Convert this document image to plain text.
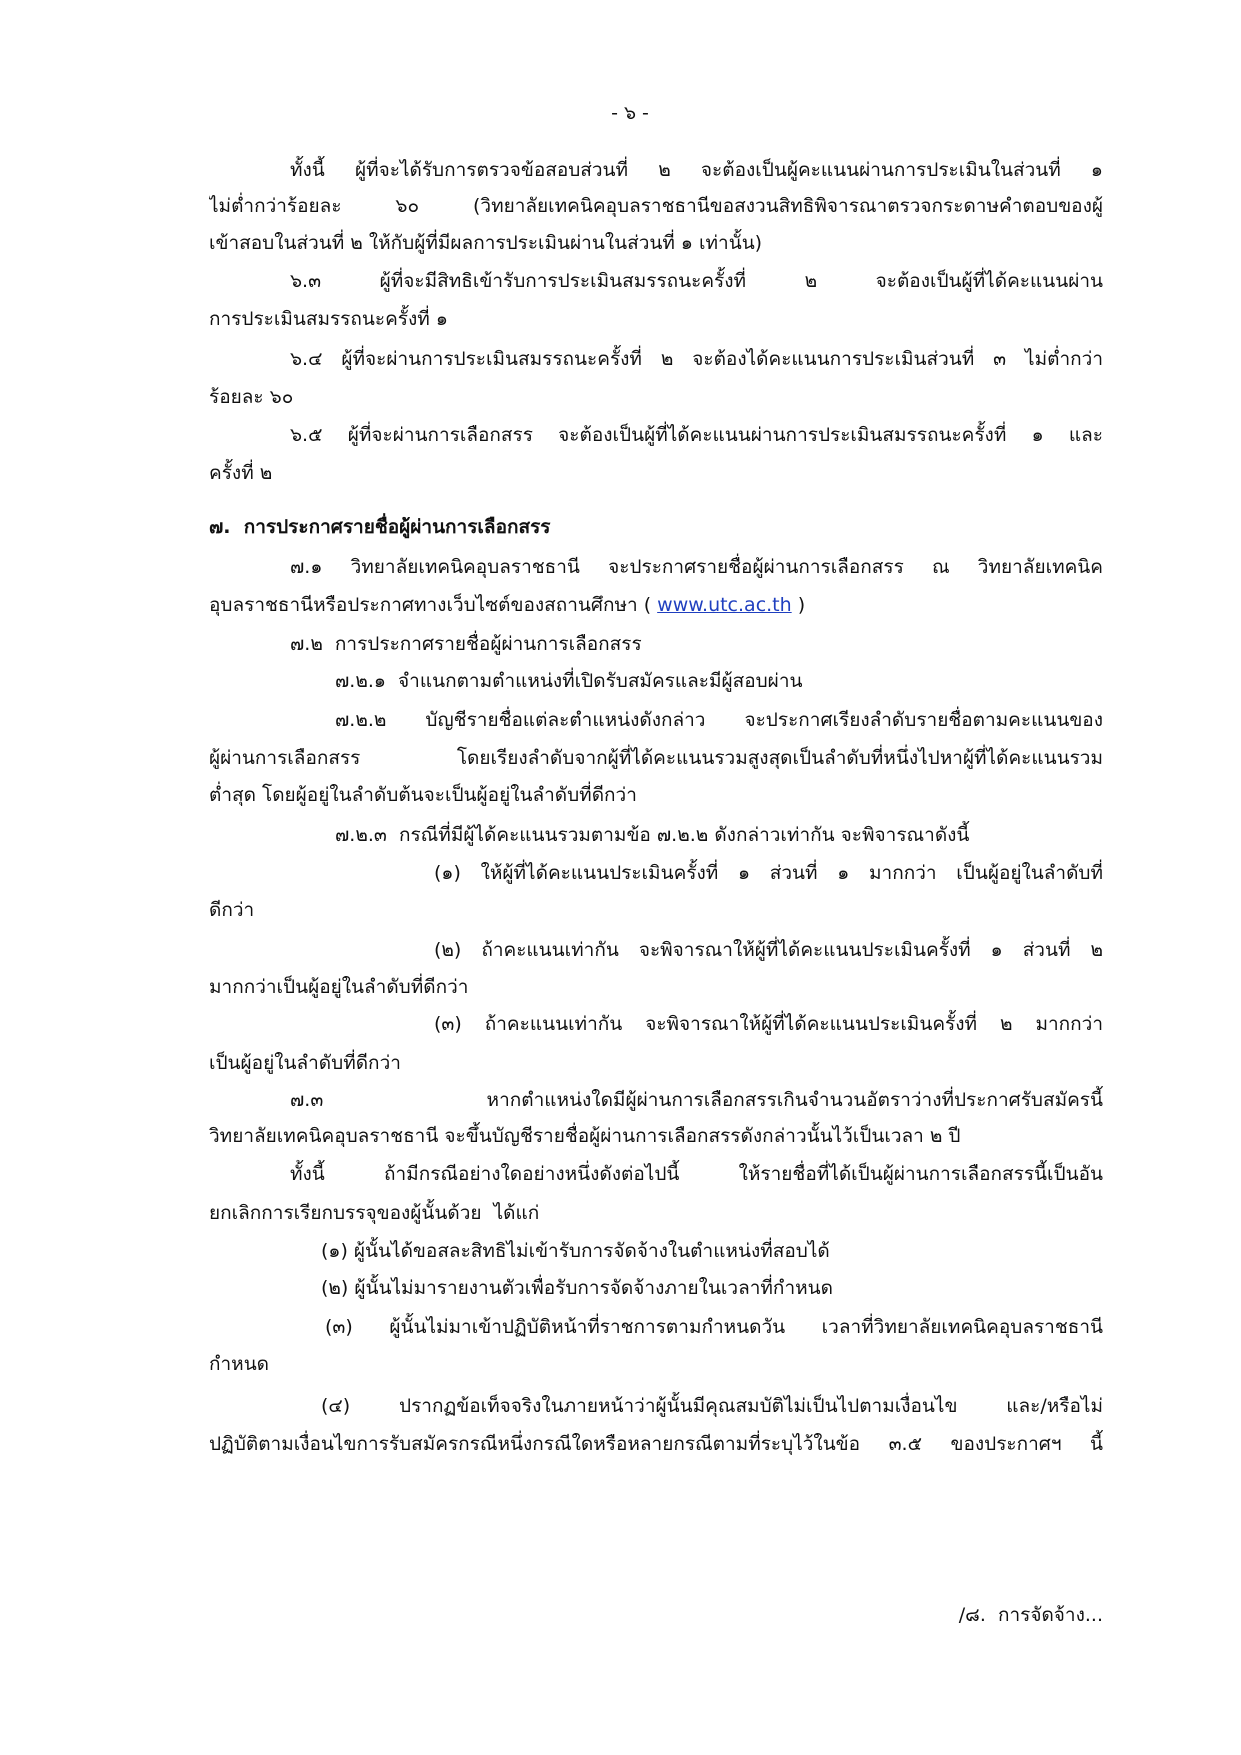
- ๖ -
ทั้งนี้ ผู้ที่จะได้รับการตรวจข้อสอบส่วนที่ ๒ จะต้องเป็นผู้คะแนนผ่านการประเมินในส่วนที่ ๑
ไม่ต่ำกว่าร้อยละ ๖๐ (วิทยาลัยเทคนิคอุบลราชธานีขอสงวนสิทธิพิจารณาตรวจกระดาษคำตอบของผู้
เข้าสอบในส่วนที่ ๒ ให้กับผู้ที่มีผลการประเมินผ่านในส่วนที่ ๑ เท่านั้น)
๖.๓ ผู้ที่จะมีสิทธิเข้ารับการประเมินสมรรถนะครั้งที่ ๒ จะต้องเป็นผู้ที่ได้คะแนนผ่าน
การประเมินสมรรถนะครั้งที่ ๑
๖.๔ ผู้ที่จะผ่านการประเมินสมรรถนะครั้งที่ ๒ จะต้องได้คะแนนการประเมินส่วนที่ ๓ ไม่ต่ำกว่า
ร้อยละ ๖๐
๖.๕ ผู้ที่จะผ่านการเลือกสรร จะต้องเป็นผู้ที่ได้คะแนนผ่านการประเมินสมรรถนะครั้งที่ ๑ และ
ครั้งที่ ๒
๗.  การประกาศรายชื่อผู้ผ่านการเลือกสรร
๗.๑ วิทยาลัยเทคนิคอุบลราชธานี จะประกาศรายชื่อผู้ผ่านการเลือกสรร ณ วิทยาลัยเทคนิค
อุบลราชธานีหรือประกาศทางเว็บไซต์ของสถานศึกษา ( www.utc.ac.th )
๗.๒  การประกาศรายชื่อผู้ผ่านการเลือกสรร
๗.๒.๑  จำแนกตามตำแหน่งที่เปิดรับสมัครและมีผู้สอบผ่าน
๗.๒.๒ บัญชีรายชื่อแต่ละตำแหน่งดังกล่าว จะประกาศเรียงลำดับรายชื่อตามคะแนนของ
ผู้ผ่านการเลือกสรร โดยเรียงลำดับจากผู้ที่ได้คะแนนรวมสูงสุดเป็นลำดับที่หนึ่งไปหาผู้ที่ได้คะแนนรวม
ต่ำสุด โดยผู้อยู่ในลำดับต้นจะเป็นผู้อยู่ในลำดับที่ดีกว่า
๗.๒.๓  กรณีที่มีผู้ได้คะแนนรวมตามข้อ ๗.๒.๒ ดังกล่าวเท่ากัน จะพิจารณาดังนี้
(๑) ให้ผู้ที่ได้คะแนนประเมินครั้งที่ ๑ ส่วนที่ ๑ มากกว่า เป็นผู้อยู่ในลำดับที่
ดีกว่า
(๒) ถ้าคะแนนเท่ากัน จะพิจารณาให้ผู้ที่ได้คะแนนประเมินครั้งที่ ๑ ส่วนที่ ๒
มากกว่าเป็นผู้อยู่ในลำดับที่ดีกว่า
(๓) ถ้าคะแนนเท่ากัน จะพิจารณาให้ผู้ที่ได้คะแนนประเมินครั้งที่ ๒ มากกว่า
เป็นผู้อยู่ในลำดับที่ดีกว่า
๗.๓ หากตำแหน่งใดมีผู้ผ่านการเลือกสรรเกินจำนวนอัตราว่างที่ประกาศรับสมัครนี้
วิทยาลัยเทคนิคอุบลราชธานี จะขึ้นบัญชีรายชื่อผู้ผ่านการเลือกสรรดังกล่าวนั้นไว้เป็นเวลา ๒ ปี
ทั้งนี้ ถ้ามีกรณีอย่างใดอย่างหนึ่งดังต่อไปนี้ ให้รายชื่อที่ได้เป็นผู้ผ่านการเลือกสรรนี้เป็นอัน
ยกเลิกการเรียกบรรจุของผู้นั้นด้วย  ได้แก่
(๑) ผู้นั้นได้ขอสละสิทธิไม่เข้ารับการจัดจ้างในตำแหน่งที่สอบได้
(๒) ผู้นั้นไม่มารายงานตัวเพื่อรับการจัดจ้างภายในเวลาที่กำหนด
(๓) ผู้นั้นไม่มาเข้าปฏิบัติหน้าที่ราชการตามกำหนดวัน เวลาที่วิทยาลัยเทคนิคอุบลราชธานี
กำหนด
(๔) ปรากฏข้อเท็จจริงในภายหน้าว่าผู้นั้นมีคุณสมบัติไม่เป็นไปตามเงื่อนไข และ/หรือไม่
ปฏิบัติตามเงื่อนไขการรับสมัครกรณีหนึ่งกรณีใดหรือหลายกรณีตามที่ระบุไว้ในข้อ ๓.๕ ของประกาศฯ นี้
/๘.  การจัดจ้าง...
